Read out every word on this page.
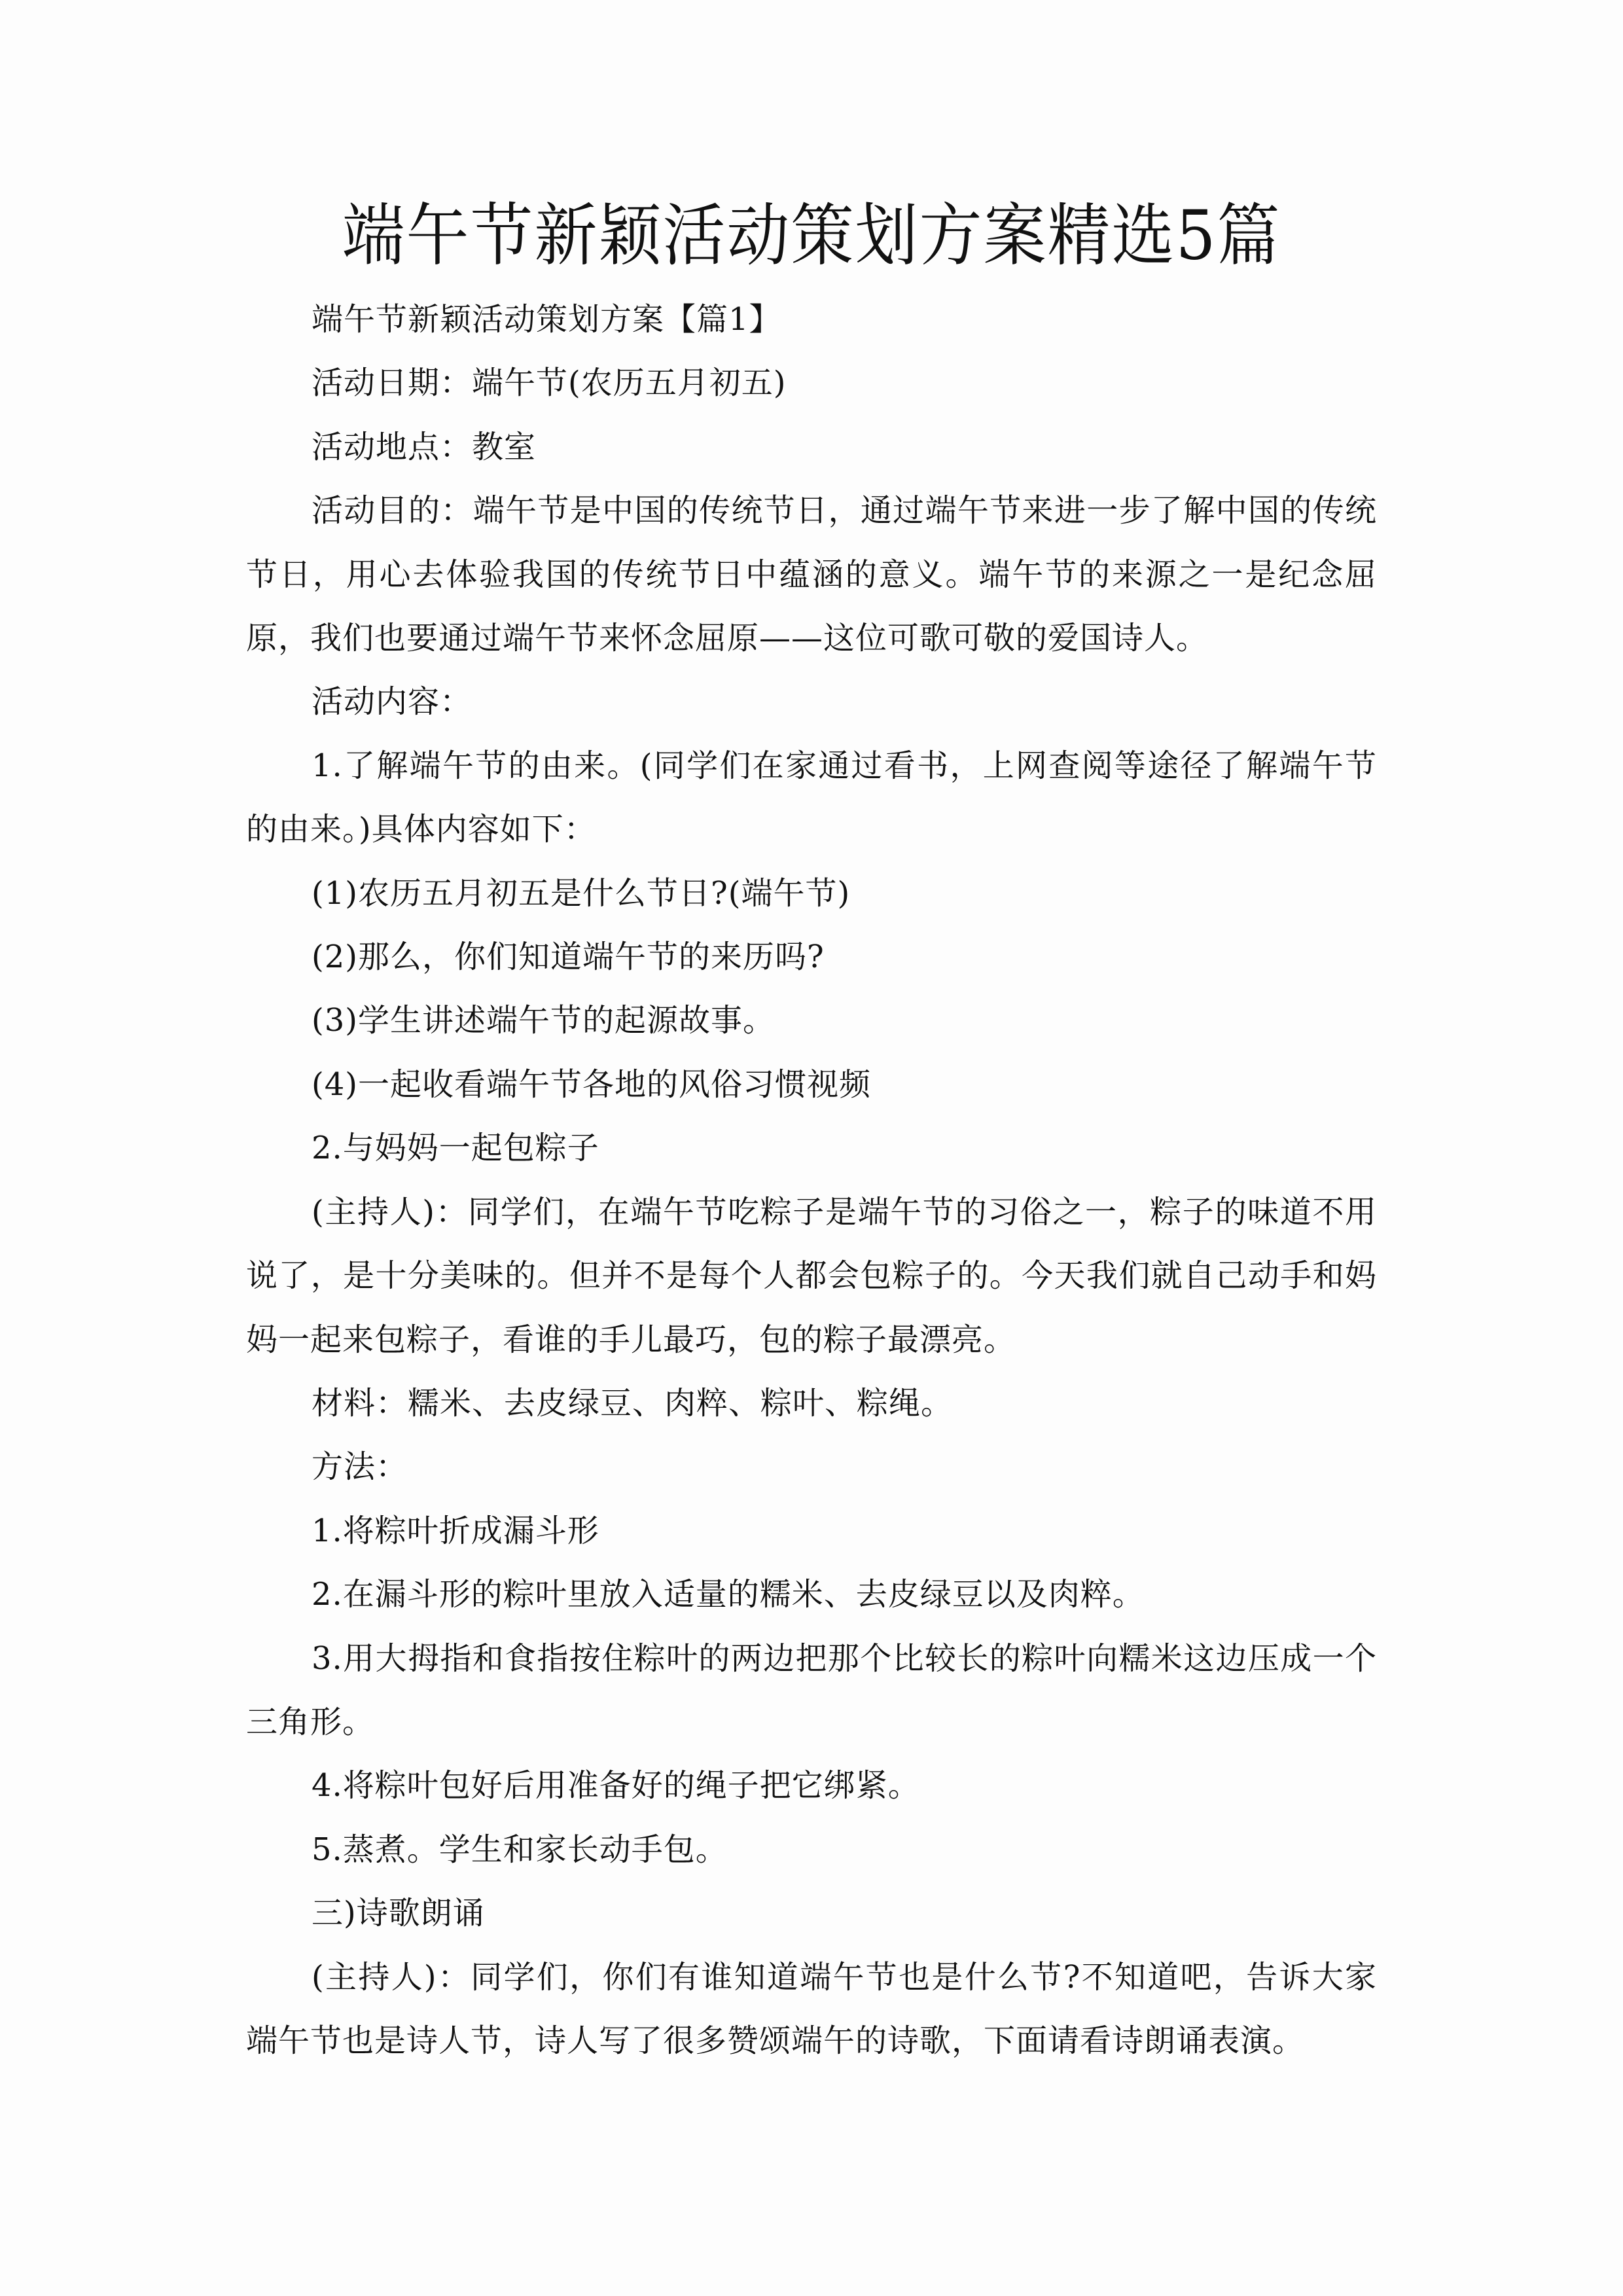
端午节新颖活动策划方案精选5篇

端午节新颖活动策划方案【篇1】

活动日期：端午节(农历五月初五)

活动地点：教室

活动目的：端午节是中国的传统节日，通过端午节来进一步了解中国的传统节日，用心去体验我国的传统节日中蕴涵的意义。端午节的来源之一是纪念屈原，我们也要通过端午节来怀念屈原——这位可歌可敬的爱国诗人。

活动内容：

1.了解端午节的由来。(同学们在家通过看书，上网查阅等途径了解端午节的由来。)具体内容如下：

(1)农历五月初五是什么节日?(端午节)

(2)那么，你们知道端午节的来历吗?

(3)学生讲述端午节的起源故事。

(4)一起收看端午节各地的风俗习惯视频

2.与妈妈一起包粽子

(主持人)：同学们，在端午节吃粽子是端午节的习俗之一，粽子的味道不用说了，是十分美味的。但并不是每个人都会包粽子的。今天我们就自己动手和妈妈一起来包粽子，看谁的手儿最巧，包的粽子最漂亮。

材料：糯米、去皮绿豆、肉粹、粽叶、粽绳。

方法：

1.将粽叶折成漏斗形

2.在漏斗形的粽叶里放入适量的糯米、去皮绿豆以及肉粹。

3.用大拇指和食指按住粽叶的两边把那个比较长的粽叶向糯米这边压成一个三角形。

4.将粽叶包好后用准备好的绳子把它绑紧。

5.蒸煮。学生和家长动手包。

三)诗歌朗诵

(主持人)：同学们，你们有谁知道端午节也是什么节?不知道吧，告诉大家端午节也是诗人节，诗人写了很多赞颂端午的诗歌，下面请看诗朗诵表演。
